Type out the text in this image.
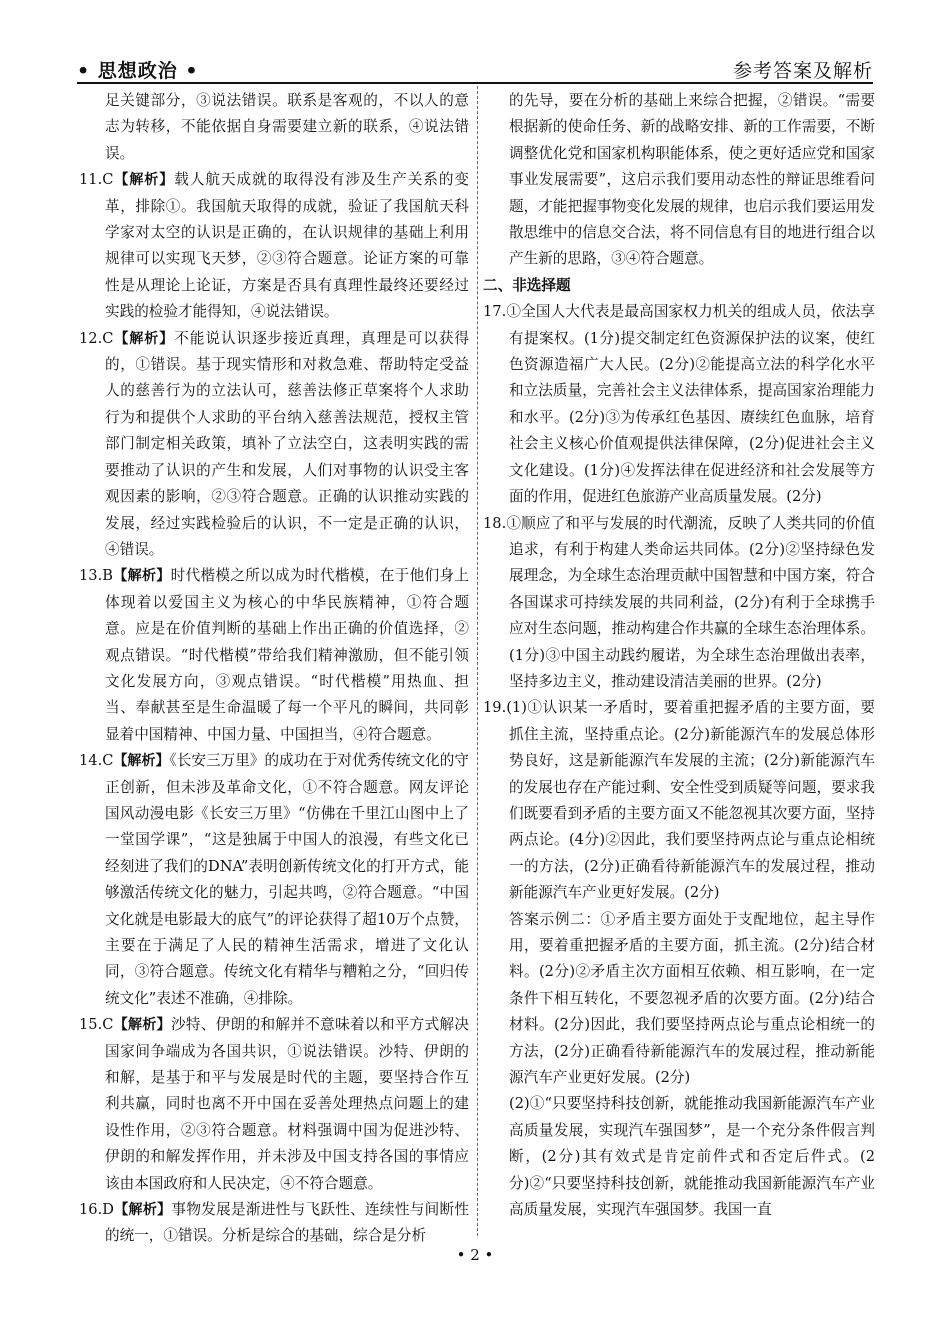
• 思想政治 •	参考答案及解析

足关键部分，③说法错误。联系是客观的，不以人的意志为转移，不能依据自身需要建立新的联系，④说法错误。

11.C【解析】载人航天成就的取得没有涉及生产关系的变革，排除①。我国航天取得的成就，验证了我国航天科学家对太空的认识是正确的，在认识规律的基础上利用规律可以实现飞天梦，②③符合题意。论证方案的可靠性是从理论上论证，方案是否具有真理性最终还要经过实践的检验才能得知，④说法错误。

12.C【解析】不能说认识逐步接近真理，真理是可以获得的，①错误。基于现实情形和对救急难、帮助特定受益人的慈善行为的立法认可，慈善法修正草案将个人求助行为和提供个人求助的平台纳入慈善法规范，授权主管部门制定相关政策，填补了立法空白，这表明实践的需要推动了认识的产生和发展，人们对事物的认识受主客观因素的影响，②③符合题意。正确的认识推动实践的发展，经过实践检验后的认识，不一定是正确的认识，④错误。

13.B【解析】时代楷模之所以成为时代楷模，在于他们身上体现着以爱国主义为核心的中华民族精神，①符合题意。应是在价值判断的基础上作出正确的价值选择，②观点错误。“时代楷模”带给我们精神激励，但不能引领文化发展方向，③观点错误。“时代楷模”用热血、担当、奉献甚至是生命温暖了每一个平凡的瞬间，共同彰显着中国精神、中国力量、中国担当，④符合题意。

14.C【解析】《长安三万里》的成功在于对优秀传统文化的守正创新，但未涉及革命文化，①不符合题意。网友评论国风动漫电影《长安三万里》“仿佛在千里江山图中上了一堂国学课”，“这是独属于中国人的浪漫，有些文化已经刻进了我们的DNA”表明创新传统文化的打开方式，能够激活传统文化的魅力，引起共鸣，②符合题意。“中国文化就是电影最大的底气”的评论获得了超10万个点赞，主要在于满足了人民的精神生活需求，增进了文化认同，③符合题意。传统文化有精华与糟粕之分，“回归传统文化”表述不准确，④排除。

15.C【解析】沙特、伊朗的和解并不意味着以和平方式解决国家间争端成为各国共识，①说法错误。沙特、伊朗的和解，是基于和平与发展是时代的主题，要坚持合作互利共赢，同时也离不开中国在妥善处理热点问题上的建设性作用，②③符合题意。材料强调中国为促进沙特、伊朗的和解发挥作用，并未涉及中国支持各国的事情应该由本国政府和人民决定，④不符合题意。

16.D【解析】事物发展是渐进性与飞跃性、连续性与间断性的统一，①错误。分析是综合的基础，综合是分析

的先导，要在分析的基础上来综合把握，②错误。“需要根据新的使命任务、新的战略安排、新的工作需要，不断调整优化党和国家机构职能体系，使之更好适应党和国家事业发展需要”，这启示我们要用动态性的辩证思维看问题，才能把握事物变化发展的规律，也启示我们要运用发散思维中的信息交合法，将不同信息有目的地进行组合以产生新的思路，③④符合题意。

二、非选择题

17.①全国人大代表是最高国家权力机关的组成人员，依法享有提案权。(1分)提交制定红色资源保护法的议案，使红色资源造福广大人民。(2分)②能提高立法的科学化水平和立法质量，完善社会主义法律体系，提高国家治理能力和水平。(2分)③为传承红色基因、赓续红色血脉，培育社会主义核心价值观提供法律保障，(2分)促进社会主义文化建设。(1分)④发挥法律在促进经济和社会发展等方面的作用，促进红色旅游产业高质量发展。(2分)

18.①顺应了和平与发展的时代潮流，反映了人类共同的价值追求，有利于构建人类命运共同体。(2分)②坚持绿色发展理念，为全球生态治理贡献中国智慧和中国方案，符合各国谋求可持续发展的共同利益，(2分)有利于全球携手应对生态问题，推动构建合作共赢的全球生态治理体系。(1分)③中国主动践约履诺，为全球生态治理做出表率，坚持多边主义，推动建设清洁美丽的世界。(2分)

19.(1)①认识某一矛盾时，要着重把握矛盾的主要方面，要抓住主流，坚持重点论。(2分)新能源汽车的发展总体形势良好，这是新能源汽车发展的主流；(2分)新能源汽车的发展也存在产能过剩、安全性受到质疑等问题，要求我们既要看到矛盾的主要方面又不能忽视其次要方面，坚持两点论。(4分)②因此，我们要坚持两点论与重点论相统一的方法，(2分)正确看待新能源汽车的发展过程，推动新能源汽车产业更好发展。(2分)

答案示例二：①矛盾主要方面处于支配地位，起主导作用，要着重把握矛盾的主要方面，抓主流。(2分)结合材料。(2分)②矛盾主次方面相互依赖、相互影响，在一定条件下相互转化，不要忽视矛盾的次要方面。(2分)结合材料。(2分)因此，我们要坚持两点论与重点论相统一的方法，(2分)正确看待新能源汽车的发展过程，推动新能源汽车产业更好发展。(2分)

(2)①“只要坚持科技创新，就能推动我国新能源汽车产业高质量发展，实现汽车强国梦”，是一个充分条件假言判断，(2分)其有效式是肯定前件式和否定后件式。(2分)②“只要坚持科技创新，就能推动我国新能源汽车产业高质量发展，实现汽车强国梦。我国一直

• 2 •
